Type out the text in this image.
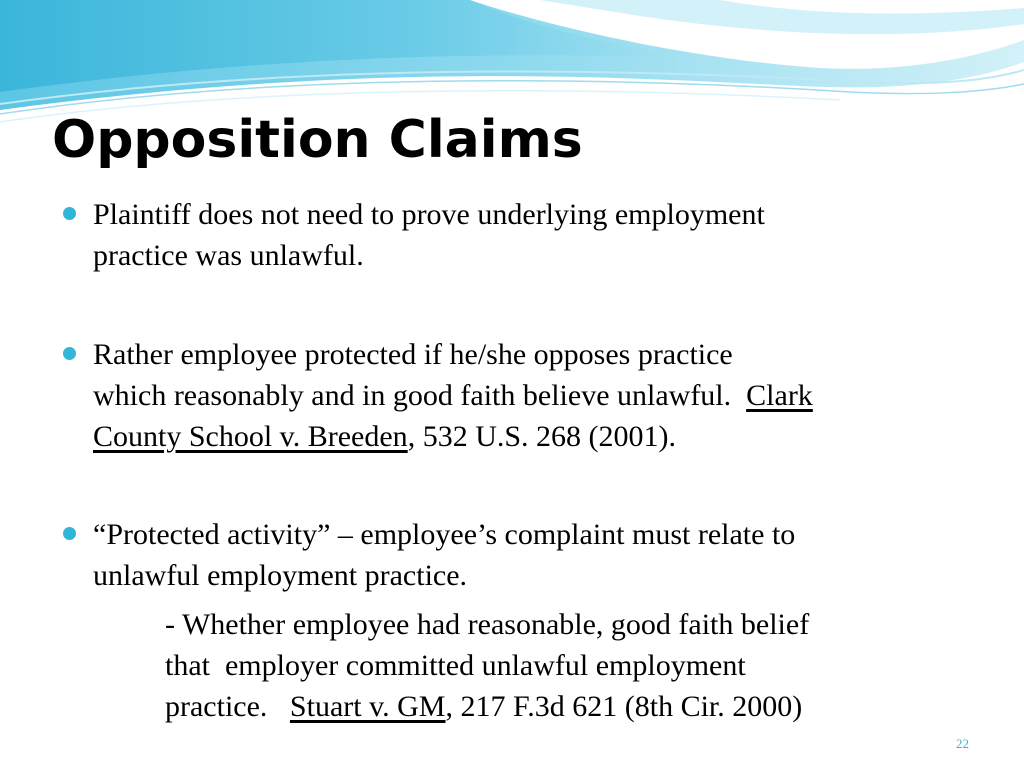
Opposition Claims
Plaintiff does not need to prove underlying employment
practice was unlawful.
Rather employee protected if he/she opposes practice
which reasonably and in good faith believe unlawful.  Clark
County School v. Breeden, 532 U.S. 268 (2001).
“Protected activity” – employee’s complaint must relate to
unlawful employment practice.
- Whether employee had reasonable, good faith belief
that  employer committed unlawful employment
practice.   Stuart v. GM, 217 F.3d 621 (8th Cir. 2000)
22
